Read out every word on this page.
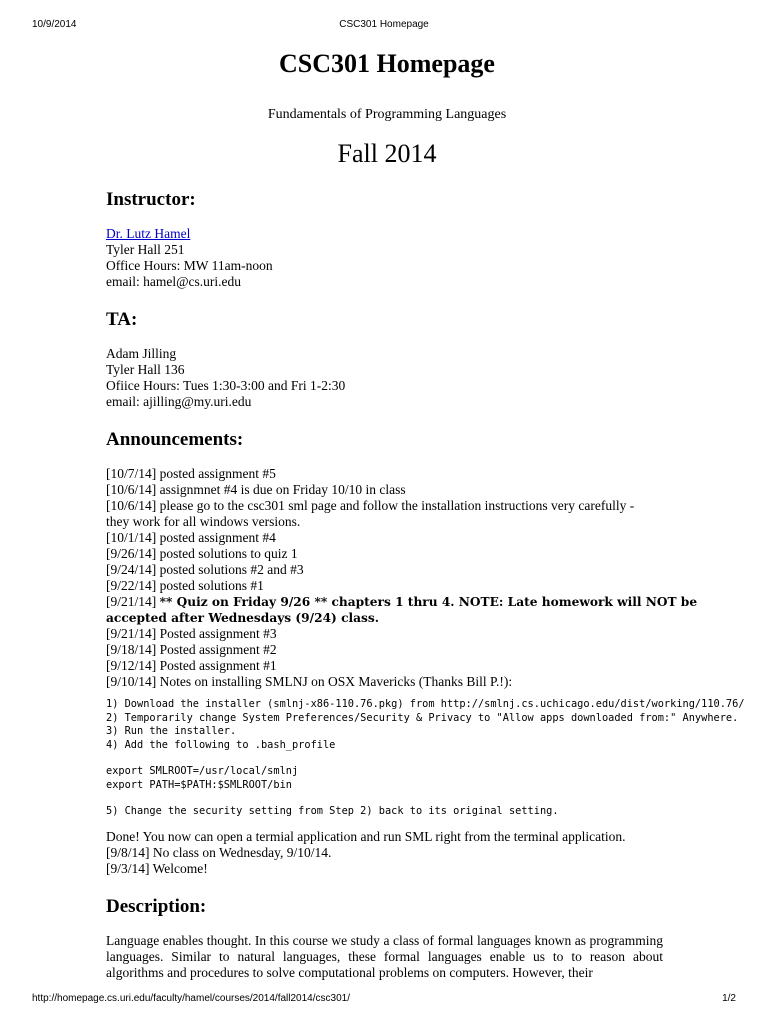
10/9/2014	CSC301 Homepage
CSC301 Homepage
Fundamentals of Programming Languages
Fall 2014
Instructor:
Dr. Lutz Hamel
Tyler Hall 251
Office Hours: MW 11am-noon
email: hamel@cs.uri.edu
TA:
Adam Jilling
Tyler Hall 136
Ofiice Hours: Tues 1:30-3:00 and Fri 1-2:30
email: ajilling@my.uri.edu
Announcements:
[10/7/14] posted assignment #5
[10/6/14] assignmnet #4 is due on Friday 10/10 in class
[10/6/14] please go to the csc301 sml page and follow the installation instructions very carefully -
they work for all windows versions.
[10/1/14] posted assignment #4
[9/26/14] posted solutions to quiz 1
[9/24/14] posted solutions #2 and #3
[9/22/14] posted solutions #1
[9/21/14] ** Quiz on Friday 9/26 ** chapters 1 thru 4. NOTE: Late homework will NOT be
accepted after Wednesdays (9/24) class.
[9/21/14] Posted assignment #3
[9/18/14] Posted assignment #2
[9/12/14] Posted assignment #1
[9/10/14] Notes on installing SMLNJ on OSX Mavericks (Thanks Bill P.!):
1) Download the installer (smlnj-x86-110.76.pkg) from http://smlnj.cs.uchicago.edu/dist/working/110.76/
2) Temporarily change System Preferences/Security & Privacy to "Allow apps downloaded from:" Anywhere.
3) Run the installer.
4) Add the following to .bash_profile
export SMLROOT=/usr/local/smlnj
export PATH=$PATH:$SMLROOT/bin
5) Change the security setting from Step 2) back to its original setting.
Done! You now can open a termial application and run SML right from the terminal application.
[9/8/14] No class on Wednesday, 9/10/14.
[9/3/14] Welcome!
Description:

Language enables thought. In this course we study a class of formal languages known as programming languages. Similar to natural languages, these formal languages enable us to to reason about algorithms and procedures to solve computational problems on computers. However, their

http://homepage.cs.uri.edu/faculty/hamel/courses/2014/fall2014/csc301/	1/2
